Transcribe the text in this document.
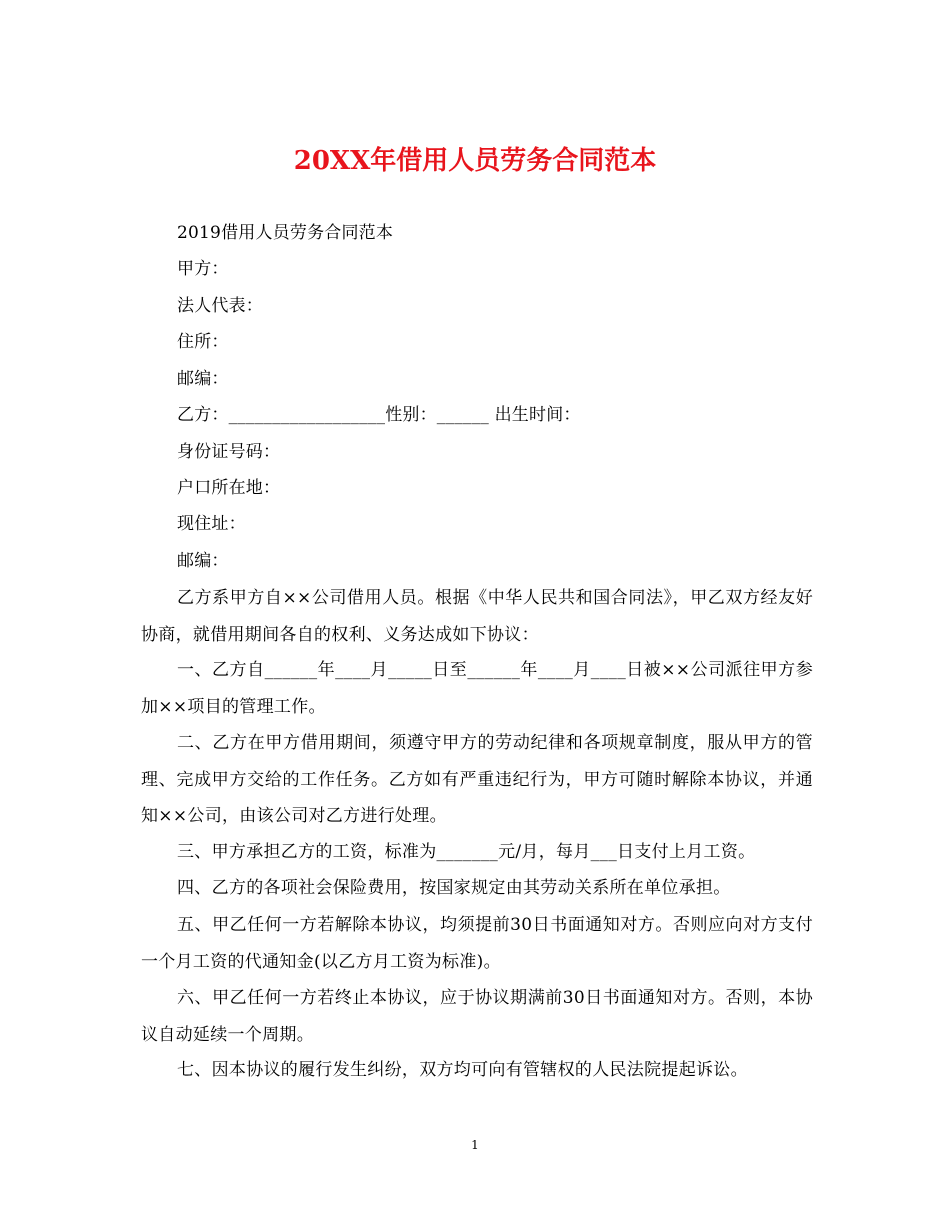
20XX年借用人员劳务合同范本
2019借用人员劳务合同范本
甲方：
法人代表：
住所：
邮编：
乙方：__________________性别：______ 出生时间：
身份证号码：
户口所在地：
现住址：
邮编：
乙方系甲方自××公司借用人员。根据《中华人民共和国合同法》，甲乙双方经友好协商，就借用期间各自的权利、义务达成如下协议：
一、乙方自______年____月_____日至______年____月____日被××公司派往甲方参加××项目的管理工作。
二、乙方在甲方借用期间，须遵守甲方的劳动纪律和各项规章制度，服从甲方的管理、完成甲方交给的工作任务。乙方如有严重违纪行为，甲方可随时解除本协议，并通知××公司，由该公司对乙方进行处理。
三、甲方承担乙方的工资，标准为_______元/月，每月___日支付上月工资。
四、乙方的各项社会保险费用，按国家规定由其劳动关系所在单位承担。
五、甲乙任何一方若解除本协议，均须提前30日书面通知对方。否则应向对方支付一个月工资的代通知金(以乙方月工资为标准)。
六、甲乙任何一方若终止本协议，应于协议期满前30日书面通知对方。否则，本协议自动延续一个周期。
七、因本协议的履行发生纠纷，双方均可向有管辖权的人民法院提起诉讼。
1
